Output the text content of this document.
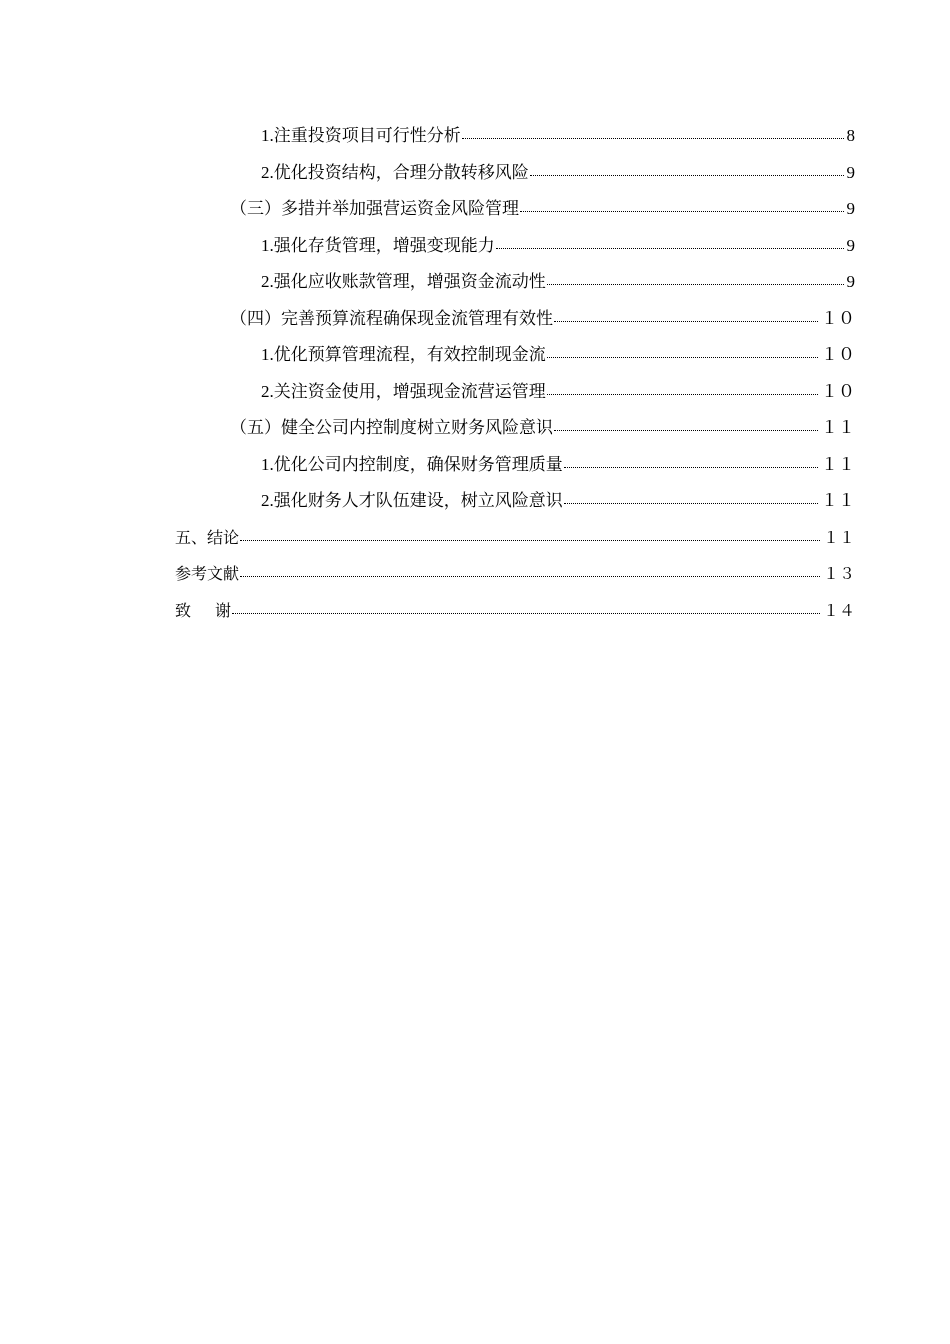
1.注重投资项目可行性分析	8
2.优化投资结构，合理分散转移风险	9
（三）多措并举加强营运资金风险管理	9
1.强化存货管理，增强变现能力	9
2.强化应收账款管理，增强资金流动性	9
（四）完善预算流程确保现金流管理有效性	１０
1.优化预算管理流程，有效控制现金流	１０
2.关注资金使用，增强现金流营运管理	１０
（五）健全公司内控制度树立财务风险意识	１１
1.优化公司内控制度，确保财务管理质量	１１
2.强化财务人才队伍建设，树立风险意识	１１
五、结论	１１
参考文献	１３
致 谢	１４
